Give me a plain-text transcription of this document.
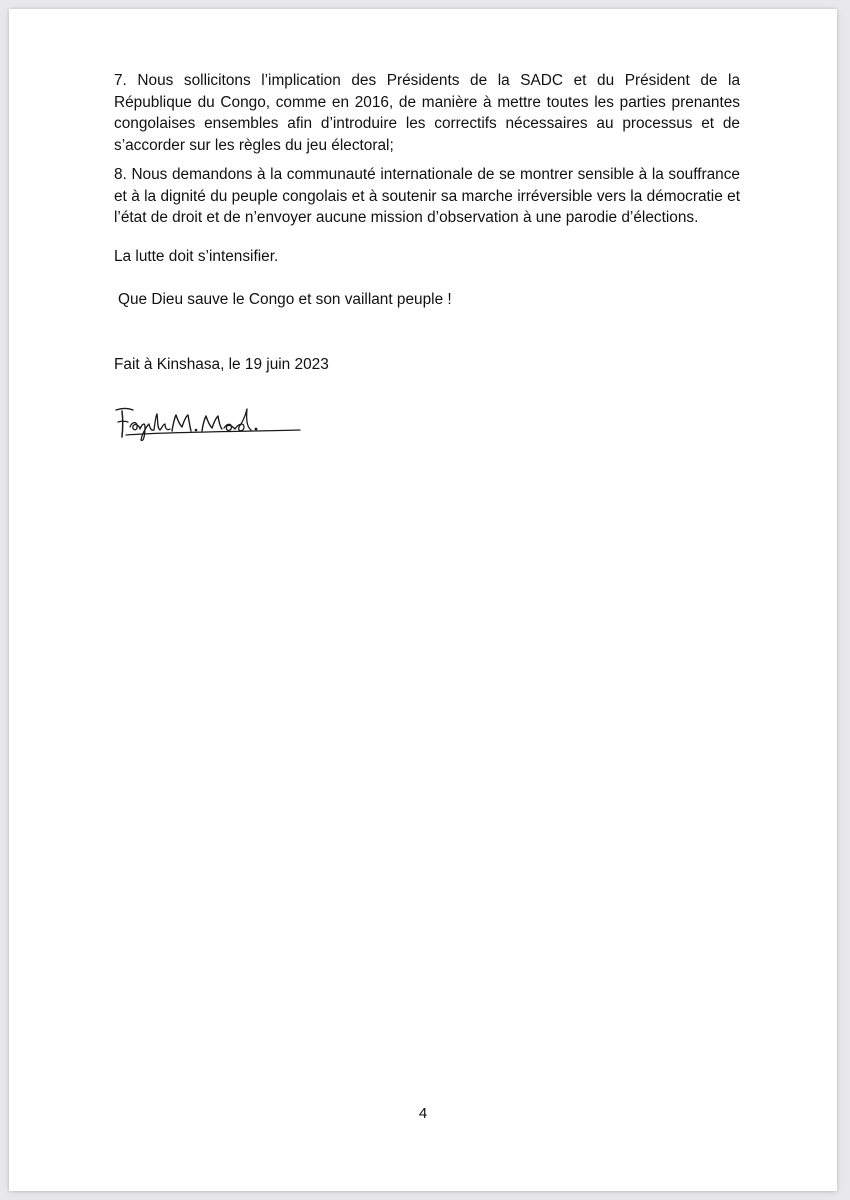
7. Nous sollicitons l’implication des Présidents de la SADC et du Président de la République du Congo, comme en 2016, de manière à mettre toutes les parties prenantes congolaises ensembles afin d’introduire les correctifs nécessaires au processus et de s’accorder sur les règles du jeu électoral;

8. Nous demandons à la communauté internationale de se montrer sensible à la souffrance et à la dignité du peuple congolais et à soutenir sa marche irréversible vers la démocratie et l’état de droit et de n’envoyer aucune mission d’observation à une parodie d’élections.

La lutte doit s’intensifier.

Que Dieu sauve le Congo et son vaillant peuple !

Fait à Kinshasa, le 19 juin 2023

4
